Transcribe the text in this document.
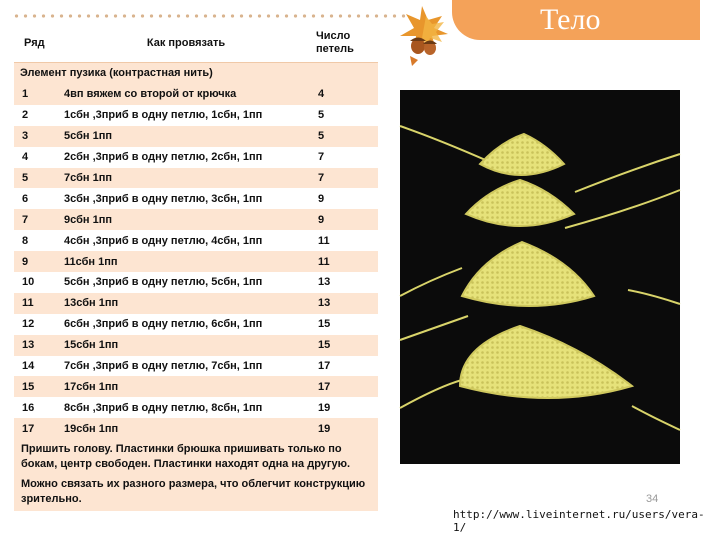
Тело
Ряд	Как провязать	Число петель
Элемент пузика (контрастная нить)		
1	4вп вяжем со второй от крючка	4
2	1сбн ,3приб в одну петлю, 1сбн, 1пп	5
3	5сбн 1пп	5
4	2сбн ,3приб в одну петлю, 2сбн, 1пп	7
5	7сбн 1пп	7
6	3сбн ,3приб в одну петлю, 3сбн, 1пп	9
7	9сбн 1пп	9
8	4сбн ,3приб в одну петлю, 4сбн, 1пп	11
9	11сбн 1пп	11
10	5сбн ,3приб в одну петлю, 5сбн, 1пп	13
11	13сбн 1пп	13
12	6сбн ,3приб в одну петлю, 6сбн, 1пп	15
13	15сбн 1пп	15
14	7сбн ,3приб в одну петлю, 7сбн, 1пп	17
15	17сбн 1пп	17
16	8сбн ,3приб в одну петлю, 8сбн, 1пп	19
17	19сбн 1пп	19
Пришить голову. Пластинки брюшка пришивать только по бокам, центр свободен. Пластинки находят одна на другую.		
Можно связать их разного размера, что облегчит конструкцию зрительно.			34
http://www.liveinternet.ru/users/vera-1/
